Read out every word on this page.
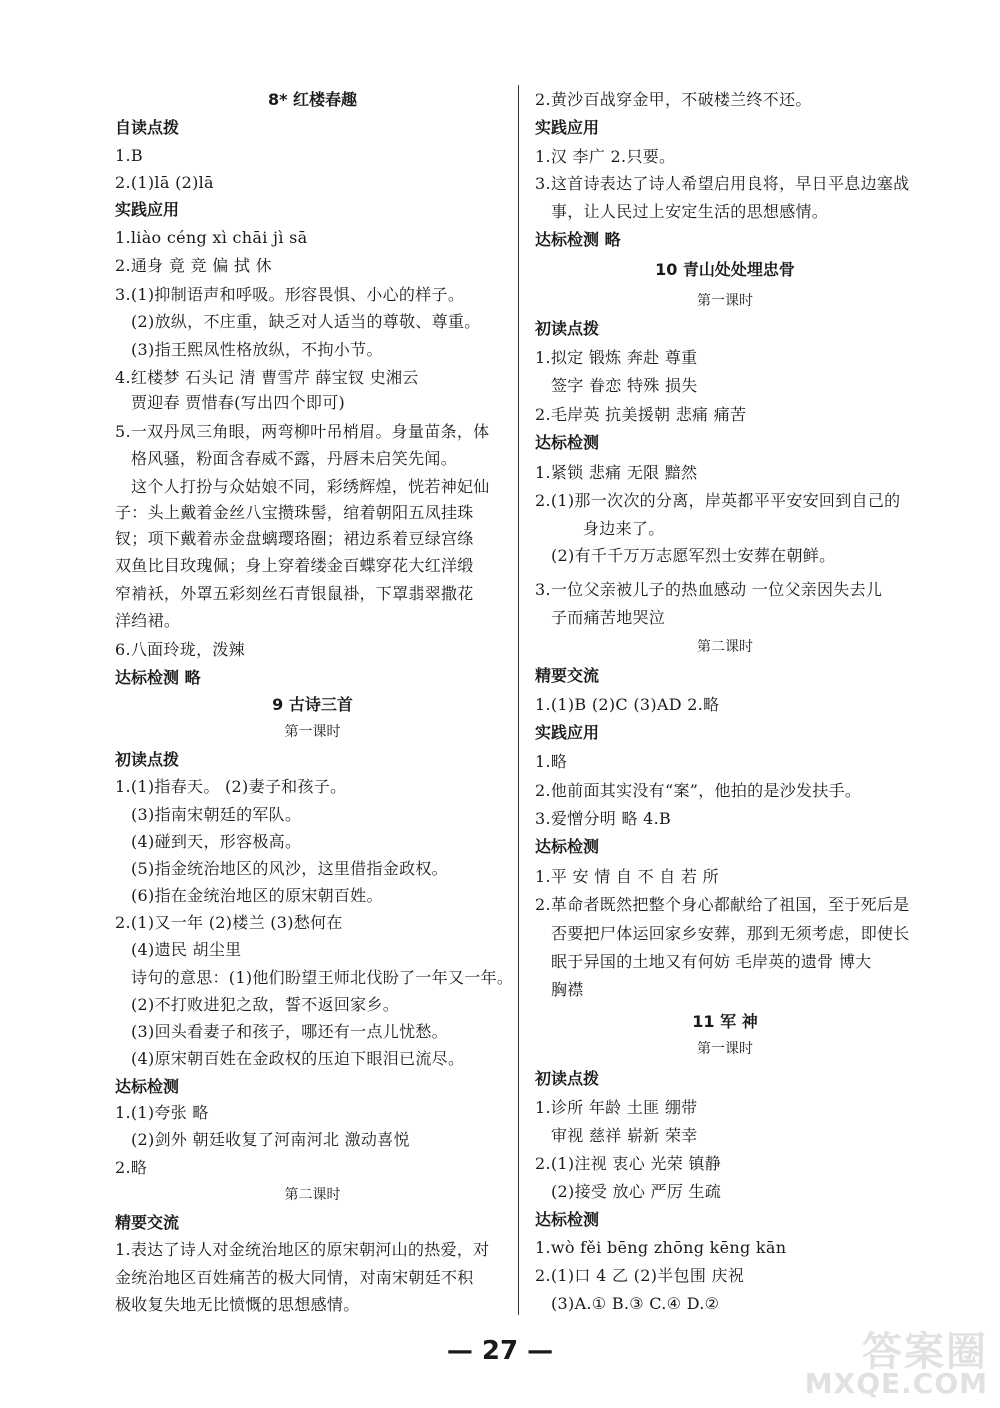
8* 红楼春趣
自读点拨
1.B
2.(1)lā (2)lā
实践应用
1.liào céng xì chāi jì sā
2.通身 竟 竞 偏 拭 休
3.(1)抑制语声和呼吸。形容畏惧、小心的样子。
(2)放纵，不庄重，缺乏对人适当的尊敬、尊重。
(3)指王熙凤性格放纵，不拘小节。
4.红楼梦 石头记 清 曹雪芹 薛宝钗 史湘云
贾迎春 贾惜春(写出四个即可)
5.一双丹凤三角眼，两弯柳叶吊梢眉。身量苗条，体
格风骚，粉面含春威不露，丹唇未启笑先闻。
这个人打扮与众姑娘不同，彩绣辉煌，恍若神妃仙
子：头上戴着金丝八宝攒珠髻，绾着朝阳五凤挂珠
钗；项下戴着赤金盘螭璎珞圈；裙边系着豆绿宫绦
双鱼比目玫瑰佩；身上穿着缕金百蝶穿花大红洋缎
窄褃袄，外罩五彩刻丝石青银鼠褂，下罩翡翠撒花
洋绉裙。
6.八面玲珑，泼辣
达标检测 略
9 古诗三首
第一课时
初读点拨
1.(1)指春天。 (2)妻子和孩子。
(3)指南宋朝廷的军队。
(4)碰到天，形容极高。
(5)指金统治地区的风沙，这里借指金政权。
(6)指在金统治地区的原宋朝百姓。
2.(1)又一年 (2)楼兰 (3)愁何在
(4)遗民 胡尘里
诗句的意思：(1)他们盼望王师北伐盼了一年又一年。
(2)不打败进犯之敌，誓不返回家乡。
(3)回头看妻子和孩子，哪还有一点儿忧愁。
(4)原宋朝百姓在金政权的压迫下眼泪已流尽。
达标检测
1.(1)夸张 略
(2)剑外 朝廷收复了河南河北 激动喜悦
2.略
第二课时
精要交流
1.表达了诗人对金统治地区的原宋朝河山的热爱，对
金统治地区百姓痛苦的极大同情，对南宋朝廷不积
极收复失地无比愤慨的思想感情。
2.黄沙百战穿金甲，不破楼兰终不还。
实践应用
1.汉 李广 2.只要。
3.这首诗表达了诗人希望启用良将，早日平息边塞战
事，让人民过上安定生活的思想感情。
达标检测 略
10 青山处处埋忠骨
第一课时
初读点拨
1.拟定 锻炼 奔赴 尊重
签字 眷恋 特殊 损失
2.毛岸英 抗美援朝 悲痛 痛苦
达标检测
1.紧锁 悲痛 无限 黯然
2.(1)那一次次的分离，岸英都平平安安回到自己的
身边来了。
(2)有千千万万志愿军烈士安葬在朝鲜。
3.一位父亲被儿子的热血感动 一位父亲因失去儿
子而痛苦地哭泣
第二课时
精要交流
1.(1)B (2)C (3)AD 2.略
实践应用
1.略
2.他前面其实没有“案”，他拍的是沙发扶手。
3.爱憎分明 略 4.B
达标检测
1.平 安 情 自 不 自 若 所
2.革命者既然把整个身心都献给了祖国，至于死后是
否要把尸体运回家乡安葬，那到无须考虑，即使长
眠于异国的土地又有何妨 毛岸英的遗骨 博大
胸襟
11 军 神
第一课时
初读点拨
1.诊所 年龄 土匪 绷带
审视 慈祥 崭新 荣幸
2.(1)注视 衷心 光荣 镇静
(2)接受 放心 严厉 生疏
达标检测
1.wò fěi bēng zhōng kēng kān
2.(1)口 4 乙 (2)半包围 庆祝
(3)A.① B.③ C.④ D.②
— 27 —	答案圈
MXQE.COM
